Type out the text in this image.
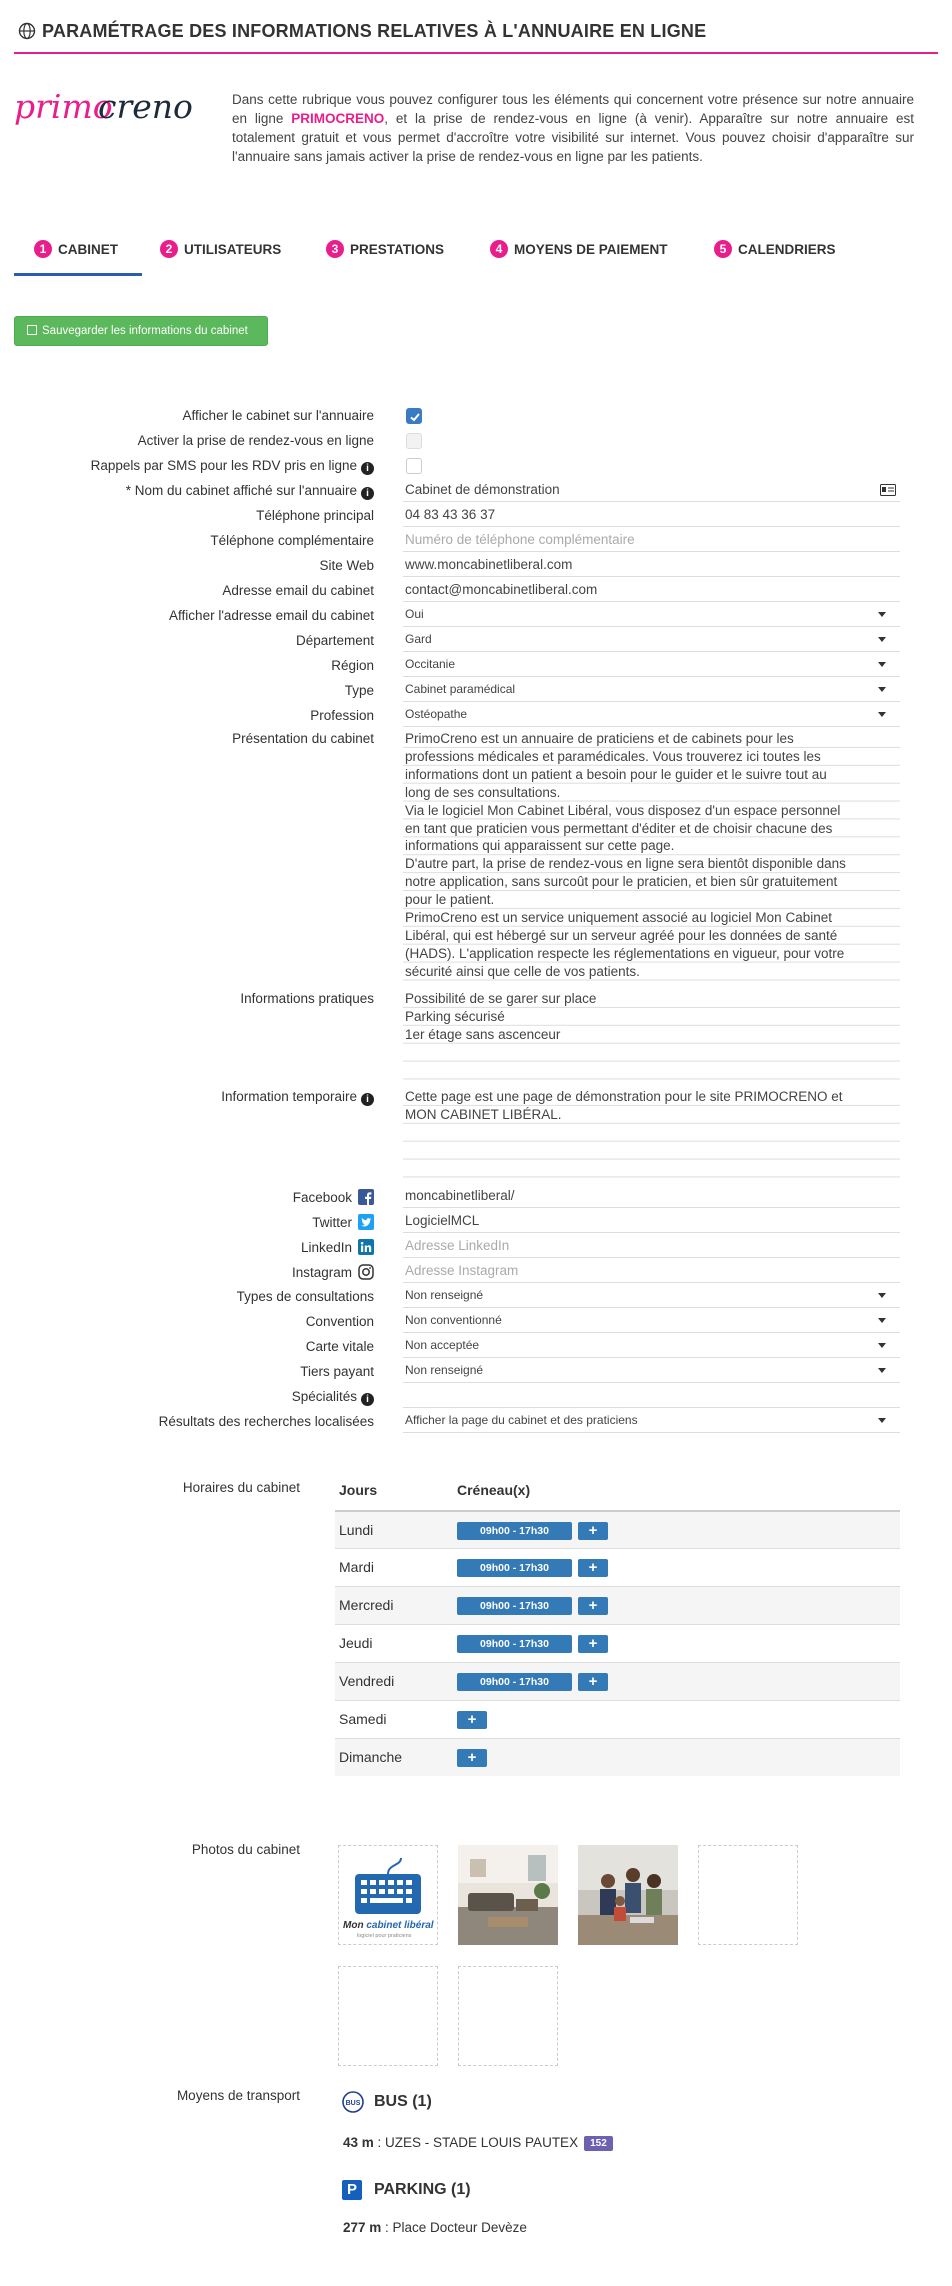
PARAMÉTRAGE DES INFORMATIONS RELATIVES À L'ANNUAIRE EN LIGNE
primo
creno	Dans cette rubrique vous pouvez configurer tous les éléments qui concernent votre présence sur notre annuaire en ligne PRIMOCRENO, et la prise de rendez-vous en ligne (à venir). Apparaître sur notre annuaire est totalement gratuit et vous permet d'accroître votre visibilité sur internet. Vous pouvez choisir d'apparaître sur l'annuaire sans jamais activer la prise de rendez-vous en ligne par les patients.
1 CABINET	2 UTILISATEURS	3 PRESTATIONS	4 MOYENS DE PAIEMENT	5 CALENDRIERS
Sauvegarder les informations du cabinet
Afficher le cabinet sur l'annuaire
Activer la prise de rendez-vous en ligne
Rappels par SMS pour les RDV pris en ligne i
* Nom du cabinet affiché sur l'annuaire i	Cabinet de démonstration
Téléphone principal 04 83 43 36 37
Téléphone complémentaire Numéro de téléphone complémentaire
Site Web www.moncabinetliberal.com
Adresse email du cabinet contact@moncabinetliberal.com
Afficher l'adresse email du cabinet	Oui
Département	Gard
Région	Occitanie
Type	Cabinet paramédical
Profession	Ostéopathe
Présentation du cabinet PrimoCreno est un annuaire de praticiens et de cabinets pour les
professions médicales et paramédicales. Vous trouverez ici toutes les
informations dont un patient a besoin pour le guider et le suivre tout au
long de ses consultations.
Via le logiciel Mon Cabinet Libéral, vous disposez d'un espace personnel
en tant que praticien vous permettant d'éditer et de choisir chacune des
informations qui apparaissent sur cette page.
D'autre part, la prise de rendez-vous en ligne sera bientôt disponible dans
notre application, sans surcoût pour le praticien, et bien sûr gratuitement
pour le patient.
PrimoCreno est un service uniquement associé au logiciel Mon Cabinet
Libéral, qui est hébergé sur un serveur agréé pour les données de santé
(HADS). L'application respecte les réglementations en vigueur, pour votre
sécurité ainsi que celle de vos patients.
Informations pratiques Possibilité de se garer sur place
Parking sécurisé
1er étage sans ascenceur
Information temporaire i	Cette page est une page de démonstration pour le site PRIMOCRENO et
MON CABINET LIBÉRAL.
Facebook	moncabinetliberal/
Twitter	LogicielMCL
LinkedIn	Adresse LinkedIn
Instagram	Adresse Instagram
Types de consultations	Non renseigné
Convention	Non conventionné
Carte vitale	Non acceptée
Tiers payant	Non renseigné
Spécialités i
Résultats des recherches localisées	Afficher la page du cabinet et des praticiens
Horaires du cabinet	Jours	Créneau(x)
Lundi	09h00 - 17h30	+
Mardi	09h00 - 17h30	+
Mercredi	09h00 - 17h30	+
Jeudi	09h00 - 17h30	+
Vendredi	09h00 - 17h30	+
Samedi	+
Dimanche	+
Photos du cabinet
Mon cabinet libéral
logiciel pour praticiens
Moyens de transport
BUS BUS (1)
43 m : UZES - STADE LOUIS PAUTEX 152
P	PARKING (1)
277 m : Place Docteur Devèze
